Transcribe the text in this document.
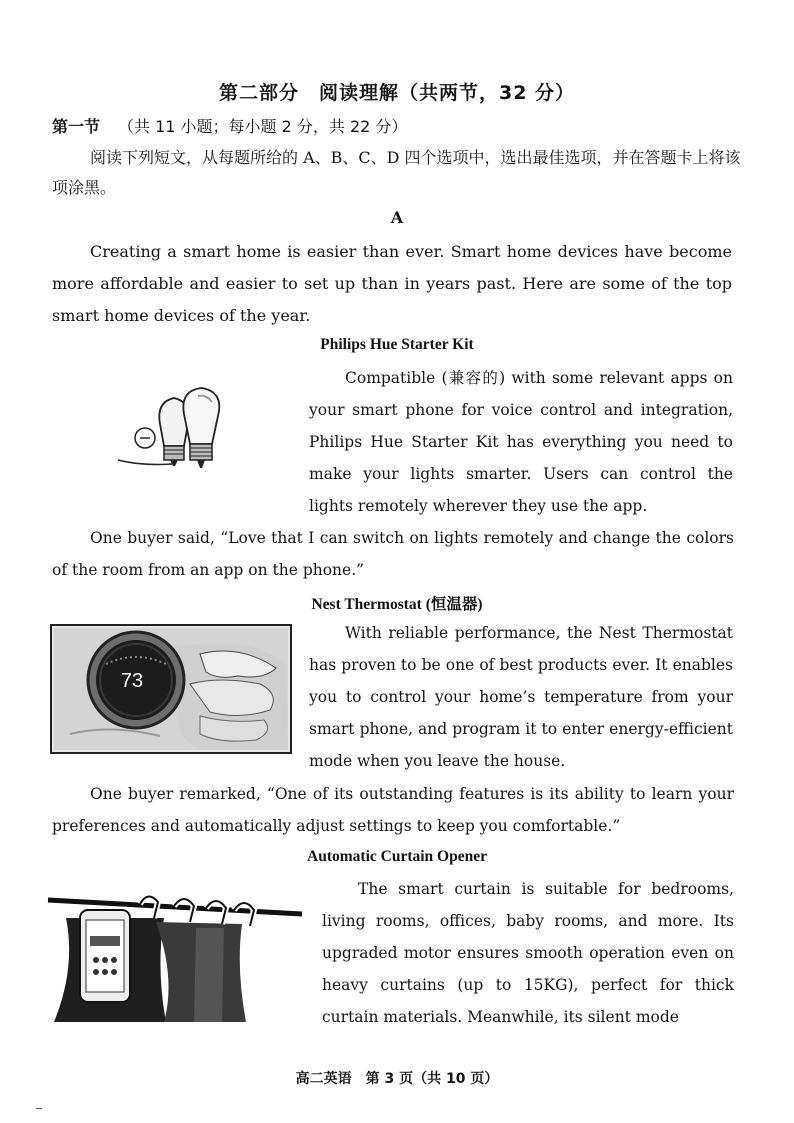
第二部分　阅读理解（共两节，32 分）
第一节 （共 11 小题；每小题 2 分，共 22 分）
阅读下列短文，从每题所给的 A、B、C、D 四个选项中，选出最佳选项，并在答题卡上将该项涂黑。
A
Creating a smart home is easier than ever. Smart home devices have become more affordable and easier to set up than in years past. Here are some of the top smart home devices of the year.
Philips Hue Starter Kit
Compatible (兼容的) with some relevant apps on your smart phone for voice control and integration, Philips Hue Starter Kit has everything you need to make your lights smarter. Users can control the lights remotely wherever they use the app.
One buyer said, “Love that I can switch on lights remotely and change the colors of the room from an app on the phone.”
Nest Thermostat (恒温器)
73
With reliable performance, the Nest Thermostat has proven to be one of best products ever. It enables you to control your home’s temperature from your smart phone, and program it to enter energy-efficient mode when you leave the house.
One buyer remarked, “One of its outstanding features is its ability to learn your preferences and automatically adjust settings to keep you comfortable.”
Automatic Curtain Opener
The smart curtain is suitable for bedrooms, living rooms, offices, baby rooms, and more. Its upgraded motor ensures smooth operation even on heavy curtains (up to 15KG), perfect for thick curtain materials. Meanwhile, its silent mode
高二英语　第 3 页（共 10 页）
